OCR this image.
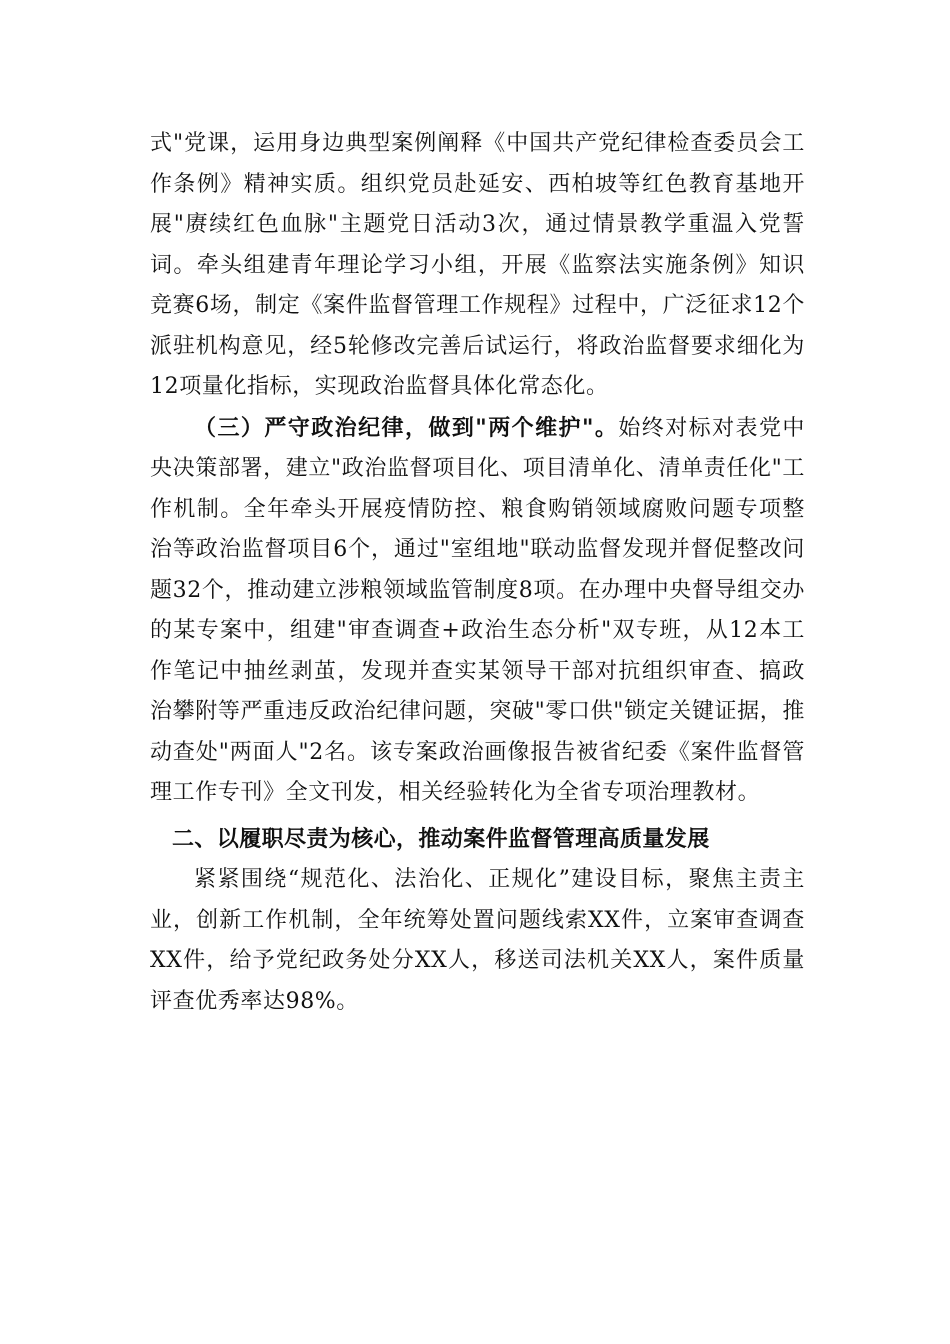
式"党课，运用身边典型案例阐释《中国共产党纪律检查委员会工作条例》精神实质。组织党员赴延安、西柏坡等红色教育基地开展"赓续红色血脉"主题党日活动3次，通过情景教学重温入党誓词。牵头组建青年理论学习小组，开展《监察法实施条例》知识竞赛6场，制定《案件监督管理工作规程》过程中，广泛征求12个派驻机构意见，经5轮修改完善后试运行，将政治监督要求细化为12项量化指标，实现政治监督具体化常态化。

（三）严守政治纪律，做到"两个维护"。始终对标对表党中央决策部署，建立"政治监督项目化、项目清单化、清单责任化"工作机制。全年牵头开展疫情防控、粮食购销领域腐败问题专项整治等政治监督项目6个，通过"室组地"联动监督发现并督促整改问题32个，推动建立涉粮领域监管制度8项。在办理中央督导组交办的某专案中，组建"审查调查+政治生态分析"双专班，从12本工作笔记中抽丝剥茧，发现并查实某领导干部对抗组织审查、搞政治攀附等严重违反政治纪律问题，突破"零口供"锁定关键证据，推动查处"两面人"2名。该专案政治画像报告被省纪委《案件监督管理工作专刊》全文刊发，相关经验转化为全省专项治理教材。

二、以履职尽责为核心，推动案件监督管理高质量发展

紧紧围绕“规范化、法治化、正规化”建设目标，聚焦主责主业，创新工作机制，全年统筹处置问题线索XX件，立案审查调查XX件，给予党纪政务处分XX人，移送司法机关XX人，案件质量评查优秀率达98%。
